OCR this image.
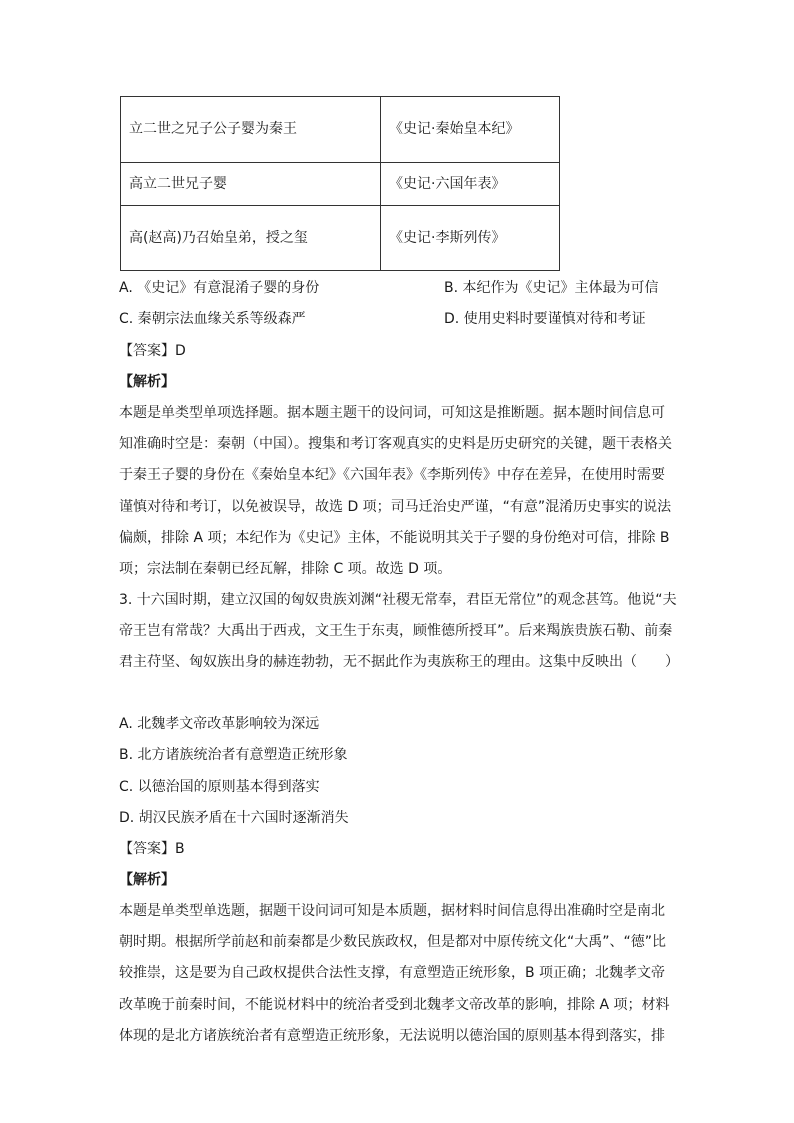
立二世之兄子公子婴为秦王	《史记·秦始皇本纪》
高立二世兄子婴	《史记·六国年表》
高(赵高)乃召始皇弟，授之玺	《史记·李斯列传》
A. 《史记》有意混淆子婴的身份	B. 本纪作为《史记》主体最为可信
C. 秦朝宗法血缘关系等级森严	D. 使用史料时要谨慎对待和考证
【答案】D
【解析】
本题是单类型单项选择题。据本题主题干的设问词，可知这是推断题。据本题时间信息可
知准确时空是：秦朝（中国）。搜集和考订客观真实的史料是历史研究的关键，题干表格关
于秦王子婴的身份在《秦始皇本纪》《六国年表》《李斯列传》中存在差异，在使用时需要
谨慎对待和考订，以免被误导，故选 D 项；司马迁治史严谨，“有意”混淆历史事实的说法
偏颇，排除 A 项；本纪作为《史记》主体，不能说明其关于子婴的身份绝对可信，排除 B
项；宗法制在秦朝已经瓦解，排除 C 项。故选 D 项。
3. 十六国时期，建立汉国的匈奴贵族刘渊“社稷无常奉，君臣无常位”的观念甚笃。他说“夫
帝王岂有常哉？大禹出于西戎，文王生于东夷，顾惟德所授耳”。后来羯族贵族石勒、前秦
君主苻坚、匈奴族出身的赫连勃勃，无不据此作为夷族称王的理由。这集中反映出（　　）
A. 北魏孝文帝改革影响较为深远
B. 北方诸族统治者有意塑造正统形象
C. 以德治国的原则基本得到落实
D. 胡汉民族矛盾在十六国时逐渐消失
【答案】B
【解析】
本题是单类型单选题，据题干设问词可知是本质题，据材料时间信息得出准确时空是南北
朝时期。根据所学前赵和前秦都是少数民族政权，但是都对中原传统文化“大禹”、“德”比
较推崇，这是要为自己政权提供合法性支撑，有意塑造正统形象，B 项正确；北魏孝文帝
改革晚于前秦时间，不能说材料中的统治者受到北魏孝文帝改革的影响，排除 A 项；材料
体现的是北方诸族统治者有意塑造正统形象，无法说明以德治国的原则基本得到落实，排
